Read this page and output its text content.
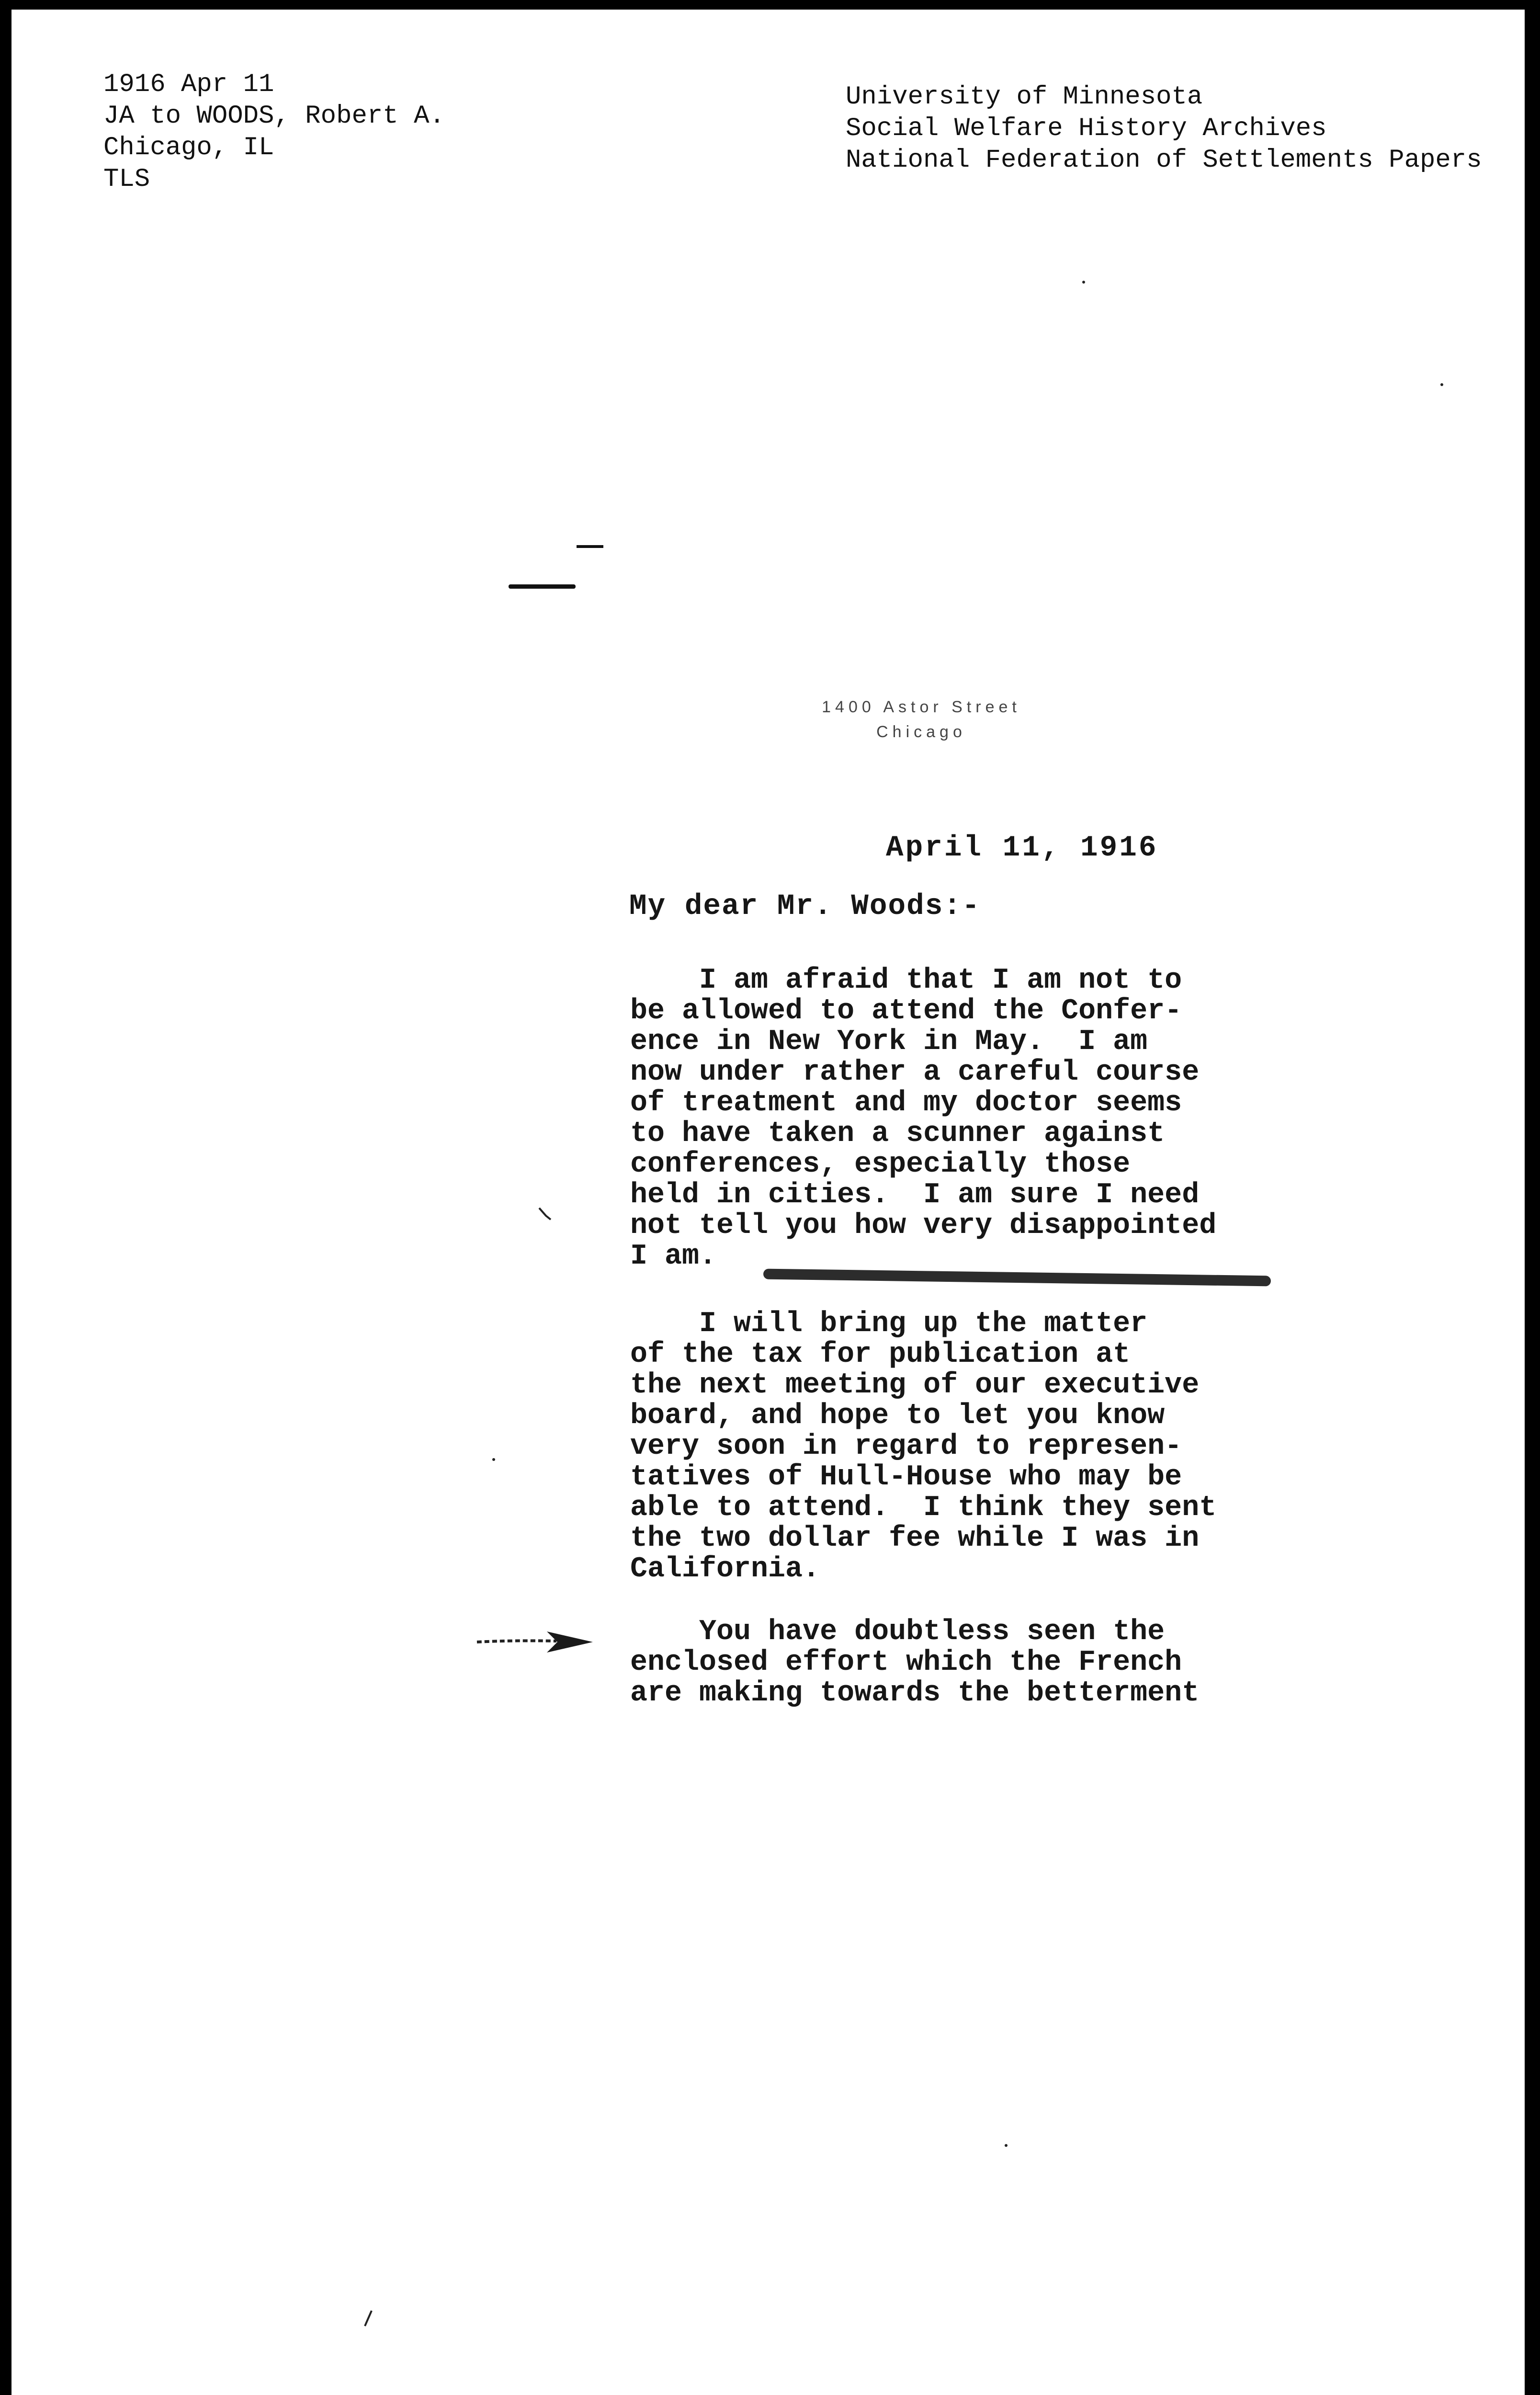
1916 Apr 11
JA to WOODS, Robert A.
Chicago, IL
TLS
University of Minnesota
Social Welfare History Archives
National Federation of Settlements Papers
1400 Astor Street
Chicago
April 11, 1916
My dear Mr. Woods:-
I am afraid that I am not to
be allowed to attend the Confer-
ence in New York in May.  I am
now under rather a careful course
of treatment and my doctor seems
to have taken a scunner against
conferences, especially those
held in cities.  I am sure I need
not tell you how very disappointed
I am.
I will bring up the matter
of the tax for publication at
the next meeting of our executive
board, and hope to let you know
very soon in regard to represen-
tatives of Hull-House who may be
able to attend.  I think they sent
the two dollar fee while I was in
California.
You have doubtless seen the
enclosed effort which the French
are making towards the betterment
